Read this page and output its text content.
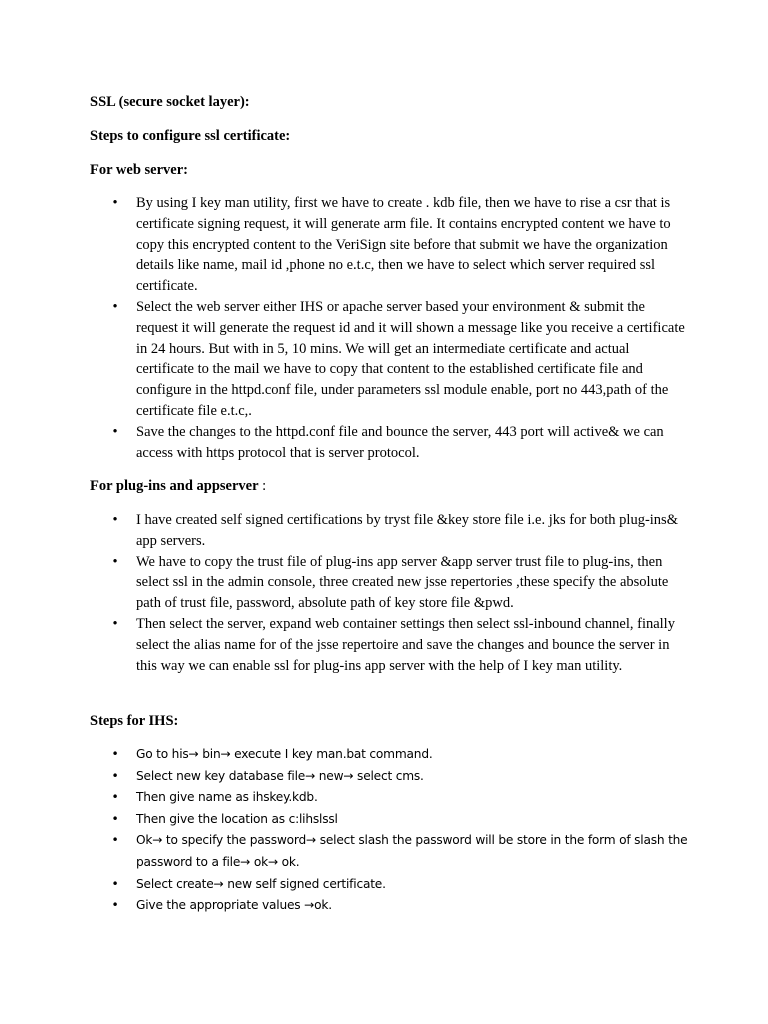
SSL (secure socket layer):
Steps to configure ssl certificate:
For web server:
• By using I key man utility, first we have to create . kdb file, then we have to rise a csr that is certificate signing request, it will generate arm file. It contains encrypted content we have to copy this encrypted content to the VeriSign site before that submit we have the organization details like name, mail id ,phone no e.t.c, then we have to select which server required ssl certificate.
• Select the web server either IHS or apache server based your environment & submit the request it will generate the request id and it will shown a message like you receive a certificate in 24 hours. But with in 5, 10 mins. We will get an intermediate certificate and actual certificate to the mail we have to copy that content to the established certificate file and configure in the httpd.conf file, under parameters ssl module enable, port no 443,path of the certificate file e.t.c,.
• Save the changes to the httpd.conf file and bounce the server, 443 port will active& we can access with https protocol that is server protocol.
For plug-ins and appserver :
• I have created self signed certifications by tryst file &key store file i.e. jks for both plug-ins& app servers.
• We have to copy the trust file of plug-ins app server &app server trust file to plug-ins, then select ssl in the admin console, three created new jsse repertories ,these specify the absolute path of trust file, password, absolute path of key store file &pwd.
• Then select the server, expand web container settings then select ssl-inbound channel, finally select the alias name for of the jsse repertoire and save the changes and bounce the server in this way we can enable ssl for plug-ins app server with the help of I key man utility.
Steps for IHS:
• Go to his→ bin→ execute I key man.bat command.
• Select new key database file→ new→ select cms.
• Then give name as ihskey.kdb.
• Then give the location as c:lihslssl
• Ok→ to specify the password→ select slash the password will be store in the form of slash the password to a file→ ok→ ok.
• Select create→ new self signed certificate.
• Give the appropriate values →ok.
